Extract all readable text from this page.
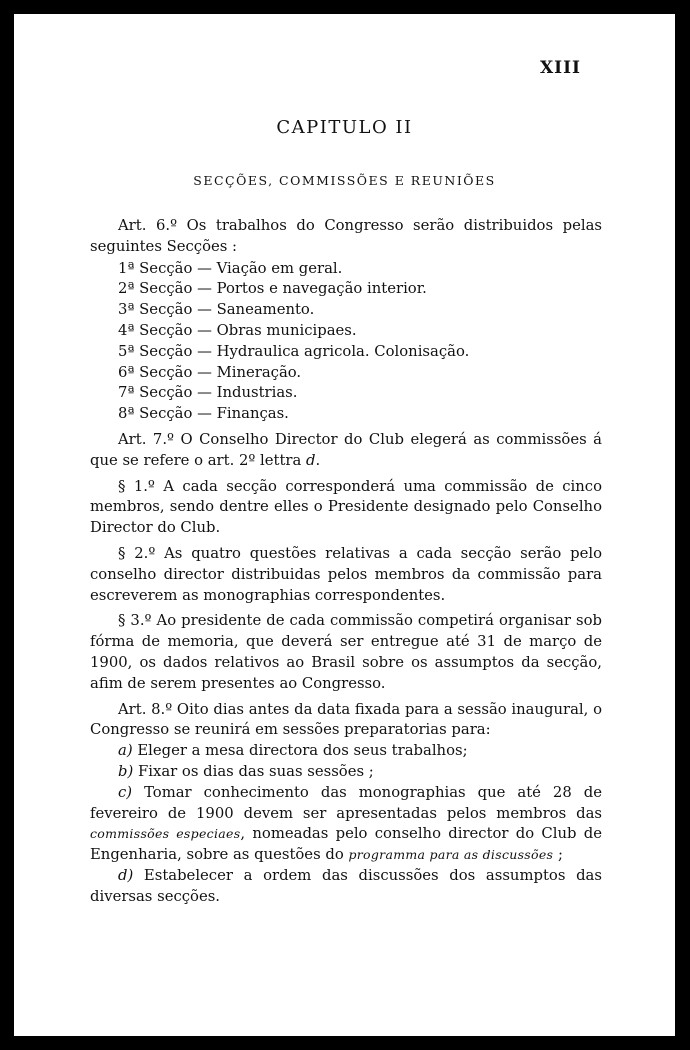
XIII
CAPITULO II
SECÇÕES, COMMISSÕES E REUNIÕES

Art. 6.º Os trabalhos do Congresso serão distribuidos pelas seguintes Secções :

1ª Secção — Viação em geral.
2ª Secção — Portos e navegação interior.
3ª Secção — Saneamento.
4ª Secção — Obras municipaes.
5ª Secção — Hydraulica agricola. Colonisação.
6ª Secção — Mineração.
7ª Secção — Industrias.
8ª Secção — Finanças.

Art. 7.º O Conselho Director do Club elegerá as commissões á que se refere o art. 2º lettra d.

§ 1.º A cada secção corresponderá uma commissão de cinco membros, sendo dentre elles o Presidente designado pelo Conselho Director do Club.

§ 2.º As quatro questões relativas a cada secção serão pelo conselho director distribuidas pelos membros da commissão para escreverem as monographias correspondentes.

§ 3.º Ao presidente de cada commissão competirá organisar sob fórma de memoria, que deverá ser entregue até 31 de março de 1900, os dados relativos ao Brasil sobre os assumptos da secção, afim de serem presentes ao Congresso.

Art. 8.º Oito dias antes da data fixada para a sessão inaugural, o Congresso se reunirá em sessões preparatorias para:

a) Eleger a mesa directora dos seus trabalhos;

b) Fixar os dias das suas sessões ;

c) Tomar conhecimento das monographias que até 28 de fevereiro de 1900 devem ser apresentadas pelos membros das commissões especiaes, nomeadas pelo conselho director do Club de Engenharia, sobre as questões do programma para as discussões ;

d) Estabelecer a ordem das discussões dos assumptos das diversas secções.
